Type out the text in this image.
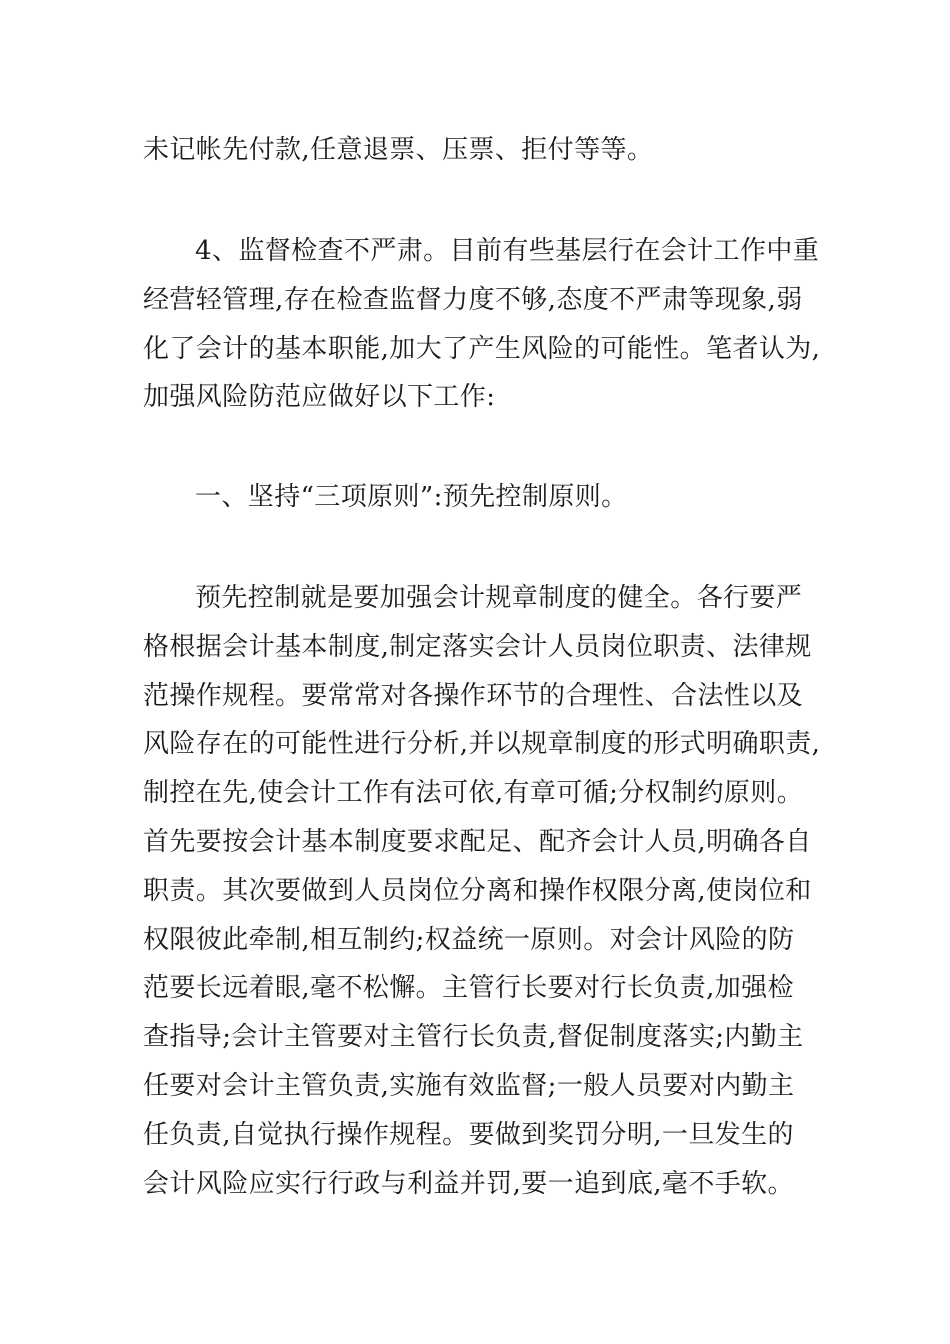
未记帐先付款,任意退票、压票、拒付等等。

4、监督检查不严肃。目前有些基层行在会计工作中重
经营轻管理,存在检查监督力度不够,态度不严肃等现象,弱
化了会计的基本职能,加大了产生风险的可能性。笔者认为,
加强风险防范应做好以下工作:

一、坚持“三项原则”:预先控制原则。

预先控制就是要加强会计规章制度的健全。各行要严
格根据会计基本制度,制定落实会计人员岗位职责、法律规
范操作规程。要常常对各操作环节的合理性、合法性以及
风险存在的可能性进行分析,并以规章制度的形式明确职责,
制控在先,使会计工作有法可依,有章可循;分权制约原则。
首先要按会计基本制度要求配足、配齐会计人员,明确各自
职责。其次要做到人员岗位分离和操作权限分离,使岗位和
权限彼此牵制,相互制约;权益统一原则。对会计风险的防
范要长远着眼,毫不松懈。主管行长要对行长负责,加强检
查指导;会计主管要对主管行长负责,督促制度落实;内勤主
任要对会计主管负责,实施有效监督;一般人员要对内勤主
任负责,自觉执行操作规程。要做到奖罚分明,一旦发生的
会计风险应实行行政与利益并罚,要一追到底,毫不手软。
